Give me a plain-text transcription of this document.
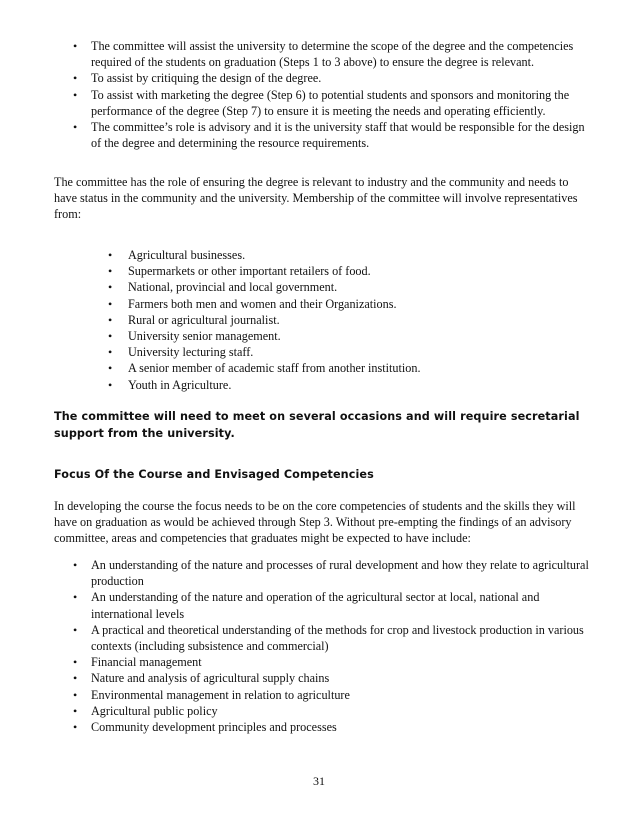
• The committee will assist the university to determine the scope of the degree and the competencies required of the students on graduation (Steps 1 to 3 above) to ensure the degree is relevant.
• To assist by critiquing the design of the degree.
• To assist with marketing the degree (Step 6) to potential students and sponsors and monitoring the performance of the degree (Step 7) to ensure it is meeting the needs and operating efficiently.
• The committee’s role is advisory and it is the university staff that would be responsible for the design of the degree and determining the resource requirements.

The committee has the role of ensuring the degree is relevant to industry and the community and needs to have status in the community and the university. Membership of the committee will involve representatives from:

• Agricultural businesses.
• Supermarkets or other important retailers of food.
• National, provincial and local government.
• Farmers both men and women and their Organizations.
• Rural or agricultural journalist.
• University senior management.
• University lecturing staff.
• A senior member of academic staff from another institution.
• Youth in Agriculture.

The committee will need to meet on several occasions and will require secretarial support from the university.

Focus Of the Course and Envisaged Competencies

In developing the course the focus needs to be on the core competencies of students and the skills they will have on graduation as would be achieved through Step 3. Without pre-empting the findings of an advisory committee, areas and competencies that graduates might be expected to have include:

• An understanding of the nature and processes of rural development and how they relate to agricultural production
• An understanding of the nature and operation of the agricultural sector at local, national and international levels
• A practical and theoretical understanding of the methods for crop and livestock production in various contexts (including subsistence and commercial)
• Financial management
• Nature and analysis of agricultural supply chains
• Environmental management in relation to agriculture
• Agricultural public policy
• Community development principles and processes
31
